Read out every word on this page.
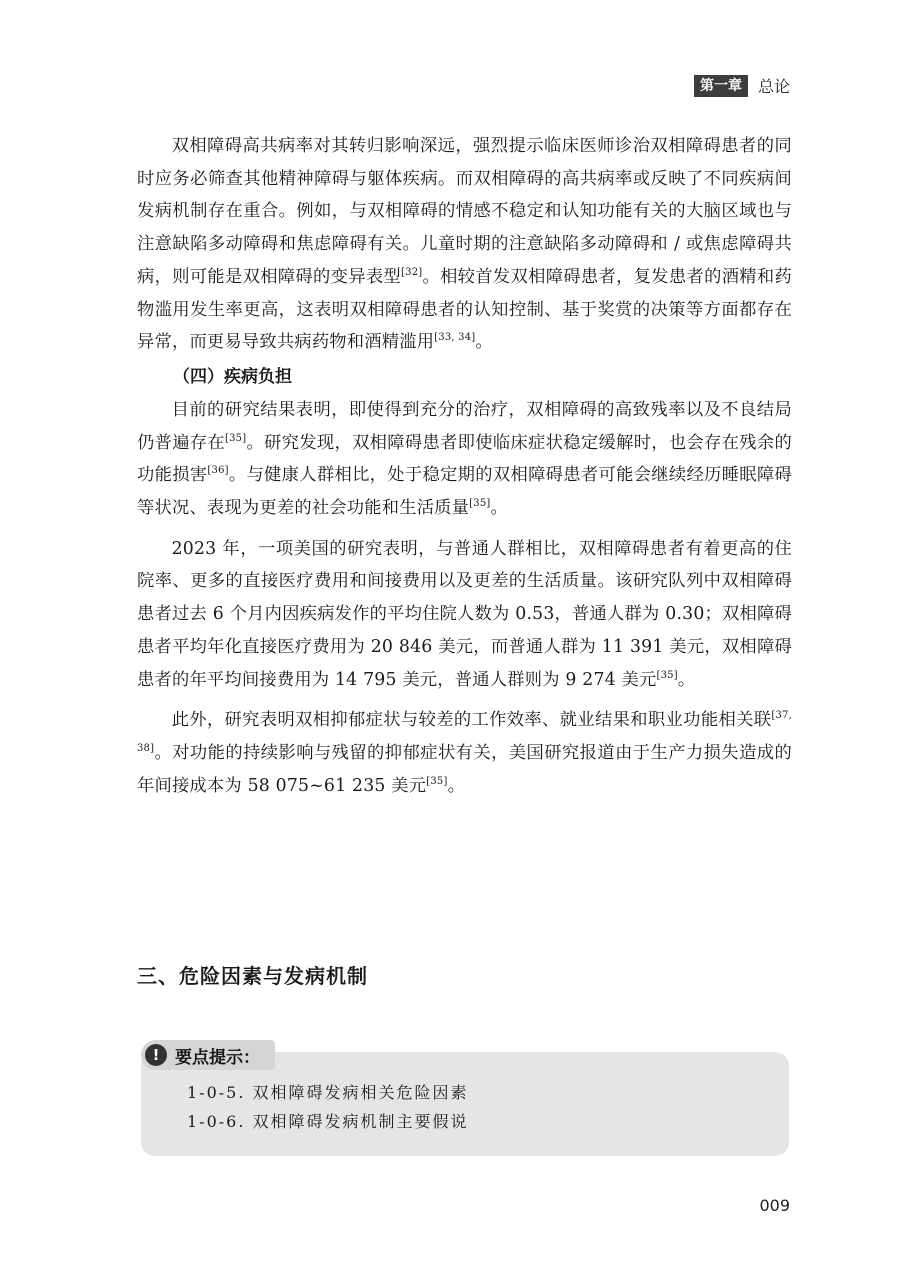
第一章	总论

双相障碍高共病率对其转归影响深远，强烈提示临床医师诊治双相障碍患者的同时应务必筛查其他精神障碍与躯体疾病。而双相障碍的高共病率或反映了不同疾病间发病机制存在重合。例如，与双相障碍的情感不稳定和认知功能有关的大脑区域也与注意缺陷多动障碍和焦虑障碍有关。儿童时期的注意缺陷多动障碍和 / 或焦虑障碍共病，则可能是双相障碍的变异表型[32]。相较首发双相障碍患者，复发患者的酒精和药物滥用发生率更高，这表明双相障碍患者的认知控制、基于奖赏的决策等方面都存在异常，而更易导致共病药物和酒精滥用[33, 34]。

（四）疾病负担

目前的研究结果表明，即使得到充分的治疗，双相障碍的高致残率以及不良结局仍普遍存在[35]。研究发现，双相障碍患者即使临床症状稳定缓解时，也会存在残余的功能损害[36]。与健康人群相比，处于稳定期的双相障碍患者可能会继续经历睡眠障碍等状况、表现为更差的社会功能和生活质量[35]。

2023 年，一项美国的研究表明，与普通人群相比，双相障碍患者有着更高的住院率、更多的直接医疗费用和间接费用以及更差的生活质量。该研究队列中双相障碍患者过去 6 个月内因疾病发作的平均住院人数为 0.53，普通人群为 0.30；双相障碍患者平均年化直接医疗费用为 20 846 美元，而普通人群为 11 391 美元，双相障碍患者的年平均间接费用为 14 795 美元，普通人群则为 9 274 美元[35]。

此外，研究表明双相抑郁症状与较差的工作效率、就业结果和职业功能相关联[37, 38]。对功能的持续影响与残留的抑郁症状有关，美国研究报道由于生产力损失造成的年间接成本为 58 075~61 235 美元[35]。

三、危险因素与发病机制
! 要点提示：
1-0-5. 双相障碍发病相关危险因素
1-0-6. 双相障碍发病机制主要假说
009
